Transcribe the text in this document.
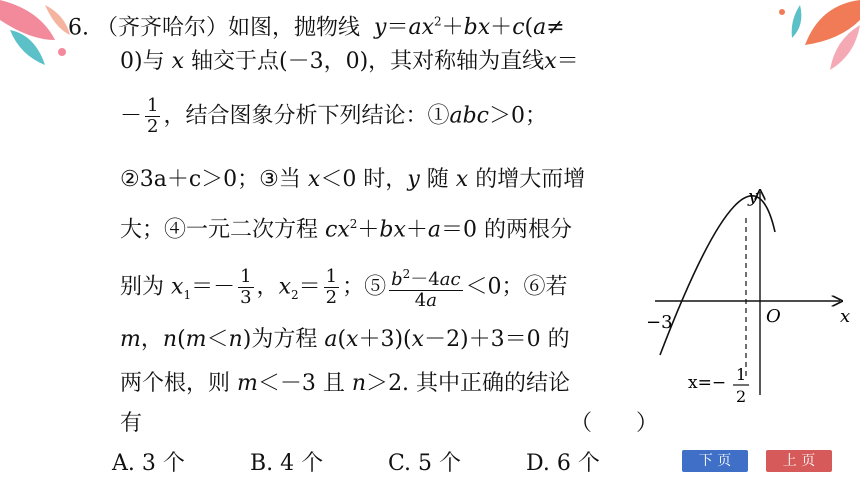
6. （齐齐哈尔）如图，抛物线 $y=ax^2+bx+c(a\ne$
0)与 x 轴交于点(－3，0)，其对称轴为直线x＝
－ $\frac{1}{2}$ ，结合图象分析下列结论：①abc＞0；
②3a＋c＞0；③当 x＜0 时，y 随 x 的增大而增
大；④一元二次方程 $cx^2+bx+a=0$ 的两根分
别为 $x_1=- \frac{1}{3}$ ，$x_2= \frac{1}{2}$ ；⑤ $\frac{b^2-4ac}{4a} <0$；⑥若
m，n(m＜n)为方程 a(x＋3)(x－2)＋3＝0 的
两个根，则 m＜－3 且 n＞2. 其中正确的结论
有	（　　）
A. 3 个	B. 4 个	C. 5 个	D. 6 个
y
x
O
−3
x=− 1
2
下 页	上 页
